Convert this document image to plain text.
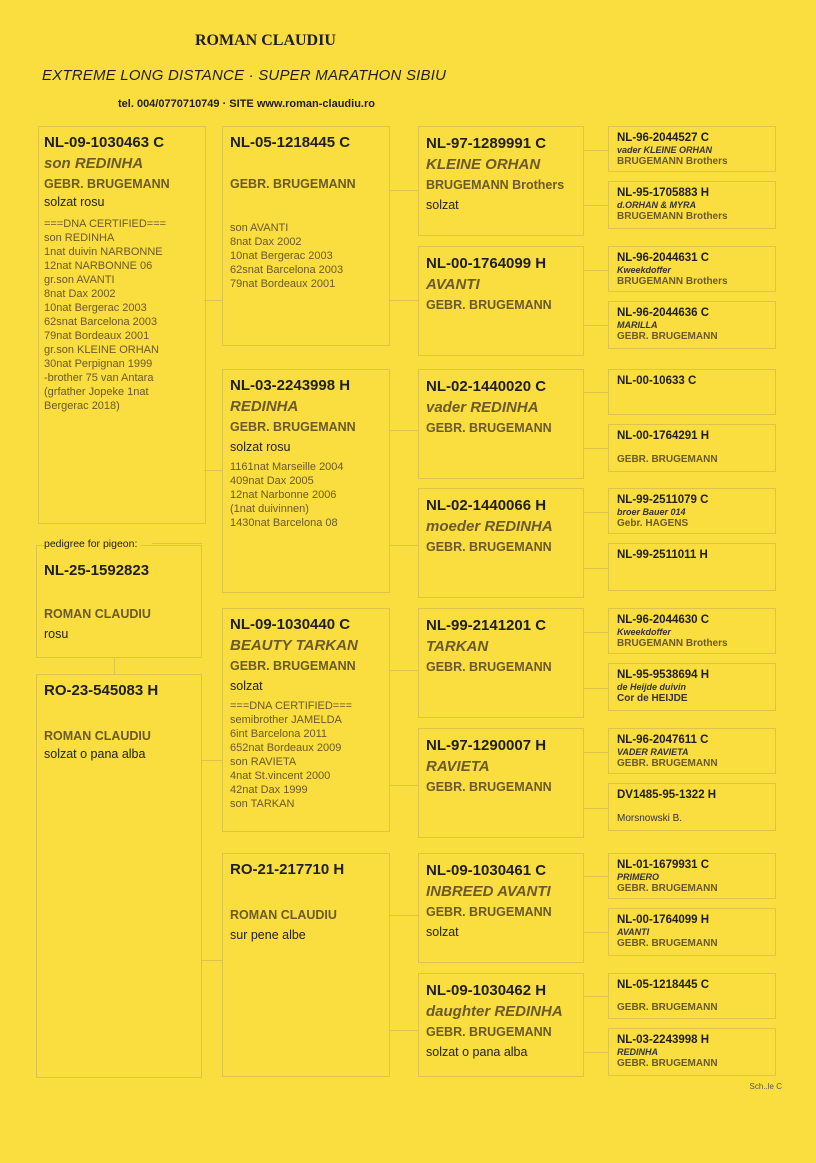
ROMAN CLAUDIU
EXTREME LONG DISTANCE · SUPER MARATHON SIBIU
tel. 004/0770710749 · SITE www.roman-claudiu.ro
NL-09-1030463 C
son REDINHA
GEBR. BRUGEMANN
solzat rosu
===DNA CERTIFIED===
son REDINHA
1nat duivin NARBONNE
12nat NARBONNE 06
gr.son AVANTI
8nat Dax 2002
10nat Bergerac 2003
62snat Barcelona 2003
79nat Bordeaux 2001
gr.son KLEINE ORHAN
30nat Perpignan 1999
-brother 75 van Antara
(grfather Jopeke 1nat
Bergerac 2018)
NL-25-1592823
ROMAN CLAUDIU
rosu
pedigree for pigeon:
RO-23-545083 H
ROMAN CLAUDIU
solzat o pana alba
NL-05-1218445 C
GEBR. BRUGEMANN
son AVANTI
8nat Dax 2002
10nat Bergerac 2003
62snat Barcelona 2003
79nat Bordeaux 2001
NL-03-2243998 H
REDINHA
GEBR. BRUGEMANN
solzat rosu
1161nat Marseille 2004
409nat Dax 2005
12nat Narbonne 2006
(1nat duivinnen)
1430nat Barcelona 08
NL-09-1030440 C
BEAUTY TARKAN
GEBR. BRUGEMANN
solzat
===DNA CERTIFIED===
semibrother JAMELDA
6int Barcelona 2011
652nat Bordeaux 2009
son RAVIETA
4nat St.vincent 2000
42nat Dax 1999
son TARKAN
RO-21-217710 H
ROMAN CLAUDIU
sur pene albe
NL-97-1289991 C
KLEINE ORHAN
BRUGEMANN Brothers
solzat
NL-00-1764099 H
AVANTI
GEBR. BRUGEMANN
NL-02-1440020 C
vader REDINHA
GEBR. BRUGEMANN
NL-02-1440066 H
moeder REDINHA
GEBR. BRUGEMANN
NL-99-2141201 C
TARKAN
GEBR. BRUGEMANN
NL-97-1290007 H
RAVIETA
GEBR. BRUGEMANN
NL-09-1030461 C
INBREED AVANTI
GEBR. BRUGEMANN
solzat
NL-09-1030462 H
daughter REDINHA
GEBR. BRUGEMANN
solzat o pana alba
NL-96-2044527 C
vader KLEINE ORHAN
BRUGEMANN Brothers
NL-95-1705883 H
d.ORHAN & MYRA
BRUGEMANN Brothers
NL-96-2044631 C
Kweekdoffer
BRUGEMANN Brothers
NL-96-2044636 C
MARILLA
GEBR. BRUGEMANN
NL-00-10633 C
NL-00-1764291 H
GEBR. BRUGEMANN
NL-99-2511079 C
broer Bauer 014
Gebr. HAGENS
NL-99-2511011 H
NL-96-2044630 C
Kweekdoffer
BRUGEMANN Brothers
NL-95-9538694 H
de Heijde duivin
Cor de HEIJDE
NL-96-2047611 C
VADER RAVIETA
GEBR. BRUGEMANN
DV1485-95-1322 H
Morsnowski B.
NL-01-1679931 C
PRIMERO
GEBR. BRUGEMANN
NL-00-1764099 H
AVANTI
GEBR. BRUGEMANN
NL-05-1218445 C
GEBR. BRUGEMANN
NL-03-2243998 H
REDINHA
GEBR. BRUGEMANN
Sch..le C
